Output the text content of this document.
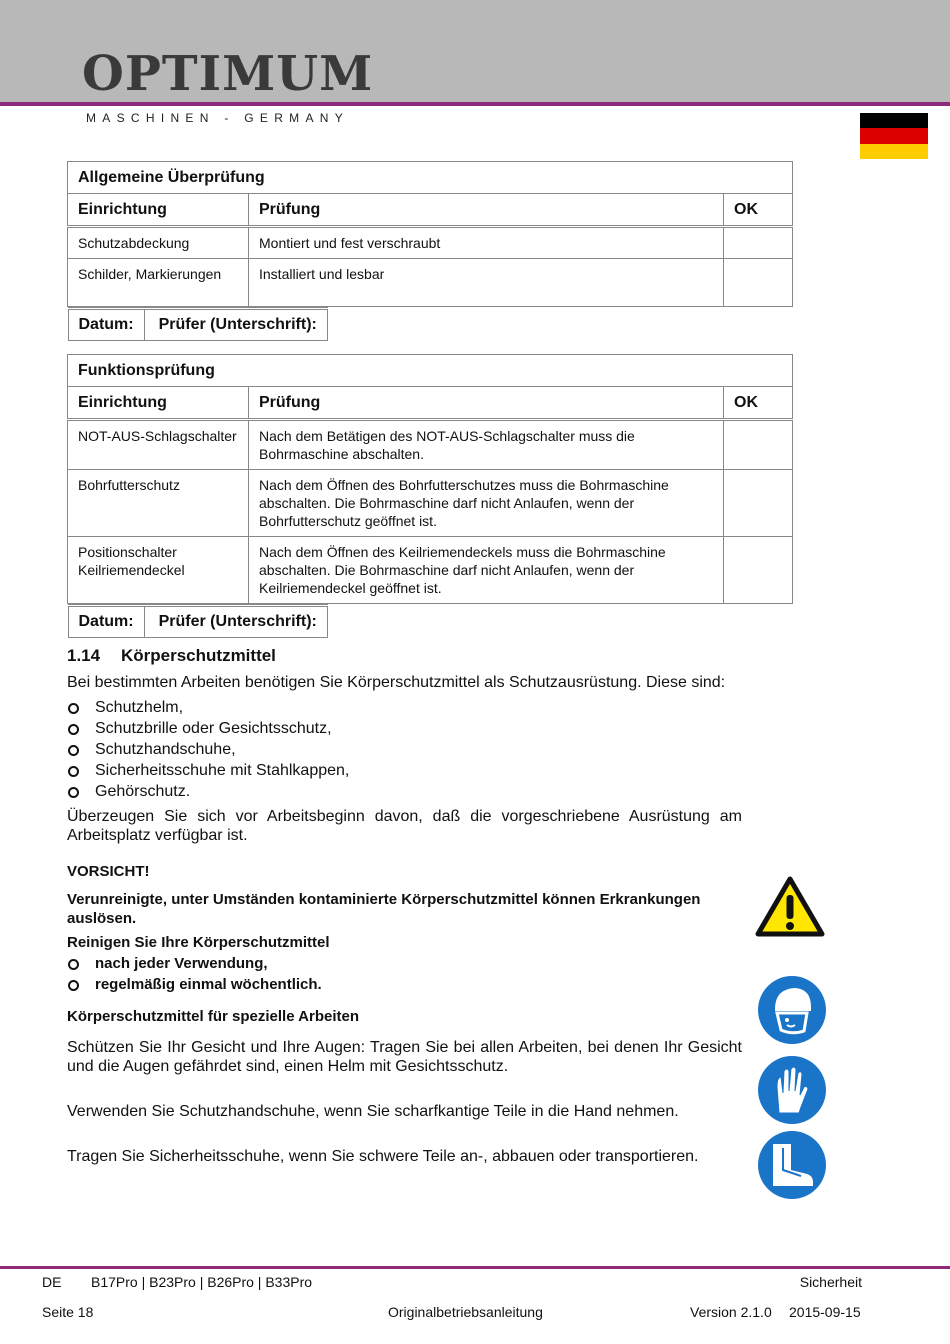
OPTIMUM
MASCHINEN - GERMANY
Allgemeine Überprüfung
Einrichtung	Prüfung	OK
Schutzabdeckung	Montiert und fest verschraubt	
Schilder, Markierungen	Installiert und lesbar	

Datum:	Prüfer (Unterschrift):
Funktionsprüfung
Einrichtung	Prüfung	OK
NOT-AUS-Schlagschalter	Nach dem Betätigen des NOT-AUS-Schlagschalter muss die Bohrmaschine abschalten.	
Bohrfutterschutz	Nach dem Öffnen des Bohrfutterschutzes muss die Bohrmaschine abschalten. Die Bohrmaschine darf nicht Anlaufen, wenn der Bohrfutterschutz geöffnet ist.	
Positionschalter Keilriemendeckel	Nach dem Öffnen des Keilriemendeckels muss die Bohrmaschine abschalten. Die Bohrmaschine darf nicht Anlaufen, wenn der Keilriemendeckel geöffnet ist.	

Datum:	Prüfer (Unterschrift):
1.14 Körperschutzmittel
Bei bestimmten Arbeiten benötigen Sie Körperschutzmittel als Schutzausrüstung. Diese sind:
Schutzhelm,
Schutzbrille oder Gesichtsschutz,
Schutzhandschuhe,
Sicherheitsschuhe mit Stahlkappen,
Gehörschutz.
Überzeugen Sie sich vor Arbeitsbeginn davon, daß die vorgeschriebene Ausrüstung am Arbeitsplatz verfügbar ist.
VORSICHT!
Verunreinigte, unter Umständen kontaminierte Körperschutzmittel können Erkrankungen auslösen.
Reinigen Sie Ihre Körperschutzmittel
nach jeder Verwendung,
regelmäßig einmal wöchentlich.
Körperschutzmittel für spezielle Arbeiten
Schützen Sie Ihr Gesicht und Ihre Augen: Tragen Sie bei allen Arbeiten, bei denen Ihr Gesicht und die Augen gefährdet sind, einen Helm mit Gesichtsschutz.
Verwenden Sie Schutzhandschuhe, wenn Sie scharfkantige Teile in die Hand nehmen.
Tragen Sie Sicherheitsschuhe, wenn Sie schwere Teile an-, abbauen oder transportieren.
DE B17Pro | B23Pro | B26Pro | B33Pro	Sicherheit
Seite 18	Originalbetriebsanleitung	Version 2.1.0 2015-09-15
